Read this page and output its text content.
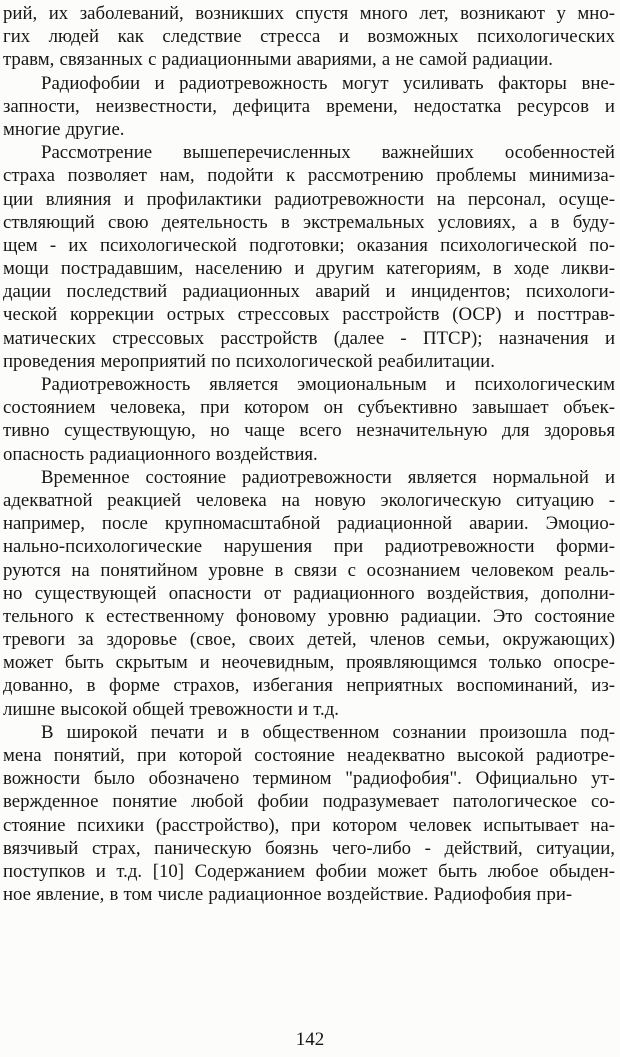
рий, их заболеваний, возникших спустя много лет, возникают у мно-
гих людей как следствие стресса и возможных психологических
травм, связанных с радиационными авариями, а не самой радиации.
Радиофобии и радиотревожность могут усиливать факторы вне-
запности, неизвестности, дефицита времени, недостатка ресурсов и
многие другие.
Рассмотрение вышеперечисленных важнейших особенностей
страха позволяет нам, подойти к рассмотрению проблемы минимиза-
ции влияния и профилактики радиотревожности на персонал, осуще-
ствляющий свою деятельность в экстремальных условиях, а в буду-
щем - их психологической подготовки; оказания психологической по-
мощи пострадавшим, населению и другим категориям, в ходе ликви-
дации последствий радиационных аварий и инцидентов; психологи-
ческой коррекции острых стрессовых расстройств (ОСР) и посттрав-
матических стрессовых расстройств (далее - ПТСР); назначения и
проведения мероприятий по психологической реабилитации.
Радиотревожность является эмоциональным и психологическим
состоянием человека, при котором он субъективно завышает объек-
тивно существующую, но чаще всего незначительную для здоровья
опасность радиационного воздействия.
Временное состояние радиотревожности является нормальной и
адекватной реакцией человека на новую экологическую ситуацию -
например, после крупномасштабной радиационной аварии. Эмоцио-
нально-психологические нарушения при радиотревожности форми-
руются на понятийном уровне в связи с осознанием человеком реаль-
но существующей опасности от радиационного воздействия, дополни-
тельного к естественному фоновому уровню радиации. Это состояние
тревоги за здоровье (свое, своих детей, членов семьи, окружающих)
может быть скрытым и неочевидным, проявляющимся только опосре-
дованно, в форме страхов, избегания неприятных воспоминаний, из-
лишне высокой общей тревожности и т.д.
В широкой печати и в общественном сознании произошла под-
мена понятий, при которой состояние неадекватно высокой радиотре-
вожности было обозначено термином "радиофобия". Официально ут-
вержденное понятие любой фобии подразумевает патологическое со-
стояние психики (расстройство), при котором человек испытывает на-
вязчивый страх, паническую боязнь чего-либо - действий, ситуации,
поступков и т.д. [10] Содержанием фобии может быть любое обыден-
ное явление, в том числе радиационное воздействие. Радиофобия при-
142
